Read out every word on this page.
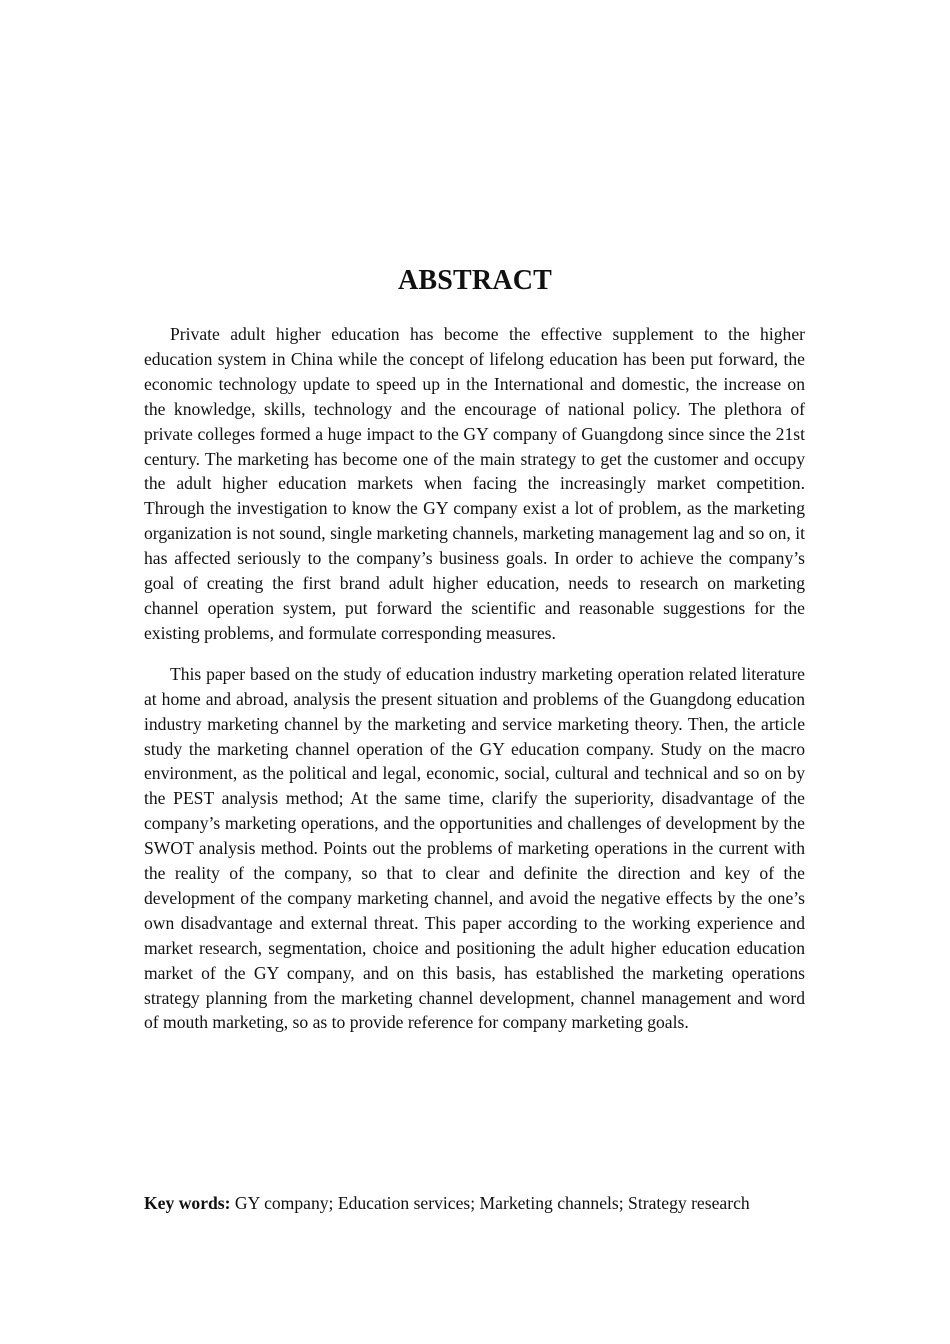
ABSTRACT

Private adult higher education has become the effective supplement to the higher education system in China while the concept of lifelong education has been put forward, the economic technology update to speed up in the International and domestic, the increase on the knowledge, skills, technology and the encourage of national policy. The plethora of private colleges formed a huge impact to the GY company of Guangdong since since the 21st century. The marketing has become one of the main strategy to get the customer and occupy the adult higher education markets when facing the increasingly market competition. Through the investigation to know the GY company exist a lot of problem, as the marketing organization is not sound, single marketing channels, marketing management lag and so on, it has affected seriously to the company’s business goals. In order to achieve the company’s goal of creating the first brand adult higher education, needs to research on marketing channel operation system, put forward the scientific and reasonable suggestions for the existing problems, and formulate corresponding measures.

This paper based on the study of education industry marketing operation related literature at home and abroad, analysis the present situation and problems of the Guangdong education industry marketing channel by the marketing and service marketing theory. Then, the article study the marketing channel operation of the GY education company. Study on the macro environment, as the political and legal, economic, social, cultural and technical and so on by the PEST analysis method; At the same time, clarify the superiority, disadvantage of the company’s marketing operations, and the opportunities and challenges of development by the SWOT analysis method. Points out the problems of marketing operations in the current with the reality of the company, so that to clear and definite the direction and key of the development of the company marketing channel, and avoid the negative effects by the one’s own disadvantage and external threat. This paper according to the working experience and market research, segmentation, choice and positioning the adult higher education education market of the GY company, and on this basis, has established the marketing operations strategy planning from the marketing channel development, channel management and word of mouth marketing, so as to provide reference for company marketing goals.

Key words: GY company; Education services; Marketing channels; Strategy research
